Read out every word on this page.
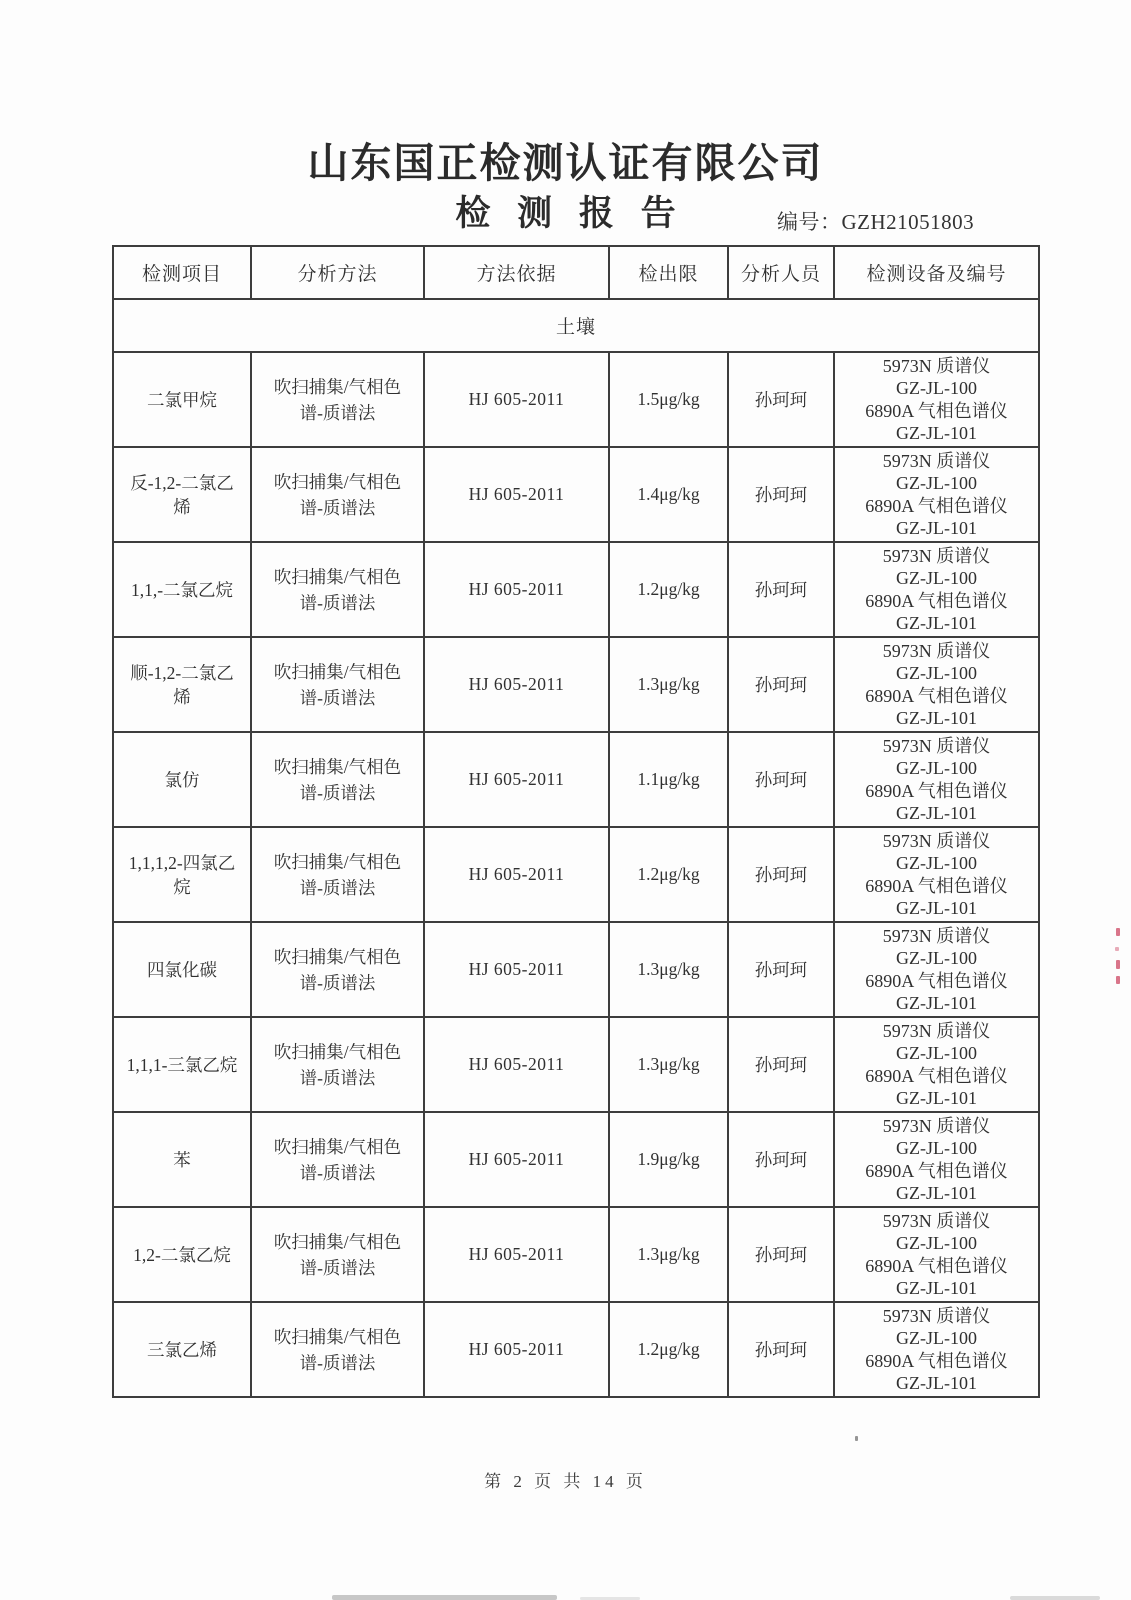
山东国正检测认证有限公司
检 测 报 告	编号：GZH21051803
检测项目	分析方法	方法依据	检出限	分析人员	检测设备及编号
土壤					
二氯甲烷	吹扫捕集/气相色谱-质谱法	HJ 605-2011	1.5μg/kg	孙珂珂	5973N 质谱仪
GZ-JL-100
6890A 气相色谱仪
GZ-JL-101

反-1,2-二氯乙烯	吹扫捕集/气相色谱-质谱法	HJ 605-2011	1.4μg/kg	孙珂珂	5973N 质谱仪
GZ-JL-100
6890A 气相色谱仪
GZ-JL-101

1,1,-二氯乙烷	吹扫捕集/气相色谱-质谱法	HJ 605-2011	1.2μg/kg	孙珂珂	5973N 质谱仪
GZ-JL-100
6890A 气相色谱仪
GZ-JL-101

顺-1,2-二氯乙烯	吹扫捕集/气相色谱-质谱法	HJ 605-2011	1.3μg/kg	孙珂珂	5973N 质谱仪
GZ-JL-100
6890A 气相色谱仪
GZ-JL-101

氯仿	吹扫捕集/气相色谱-质谱法	HJ 605-2011	1.1μg/kg	孙珂珂	5973N 质谱仪
GZ-JL-100
6890A 气相色谱仪
GZ-JL-101

1,1,1,2-四氯乙烷	吹扫捕集/气相色谱-质谱法	HJ 605-2011	1.2μg/kg	孙珂珂	5973N 质谱仪
GZ-JL-100
6890A 气相色谱仪
GZ-JL-101

四氯化碳	吹扫捕集/气相色谱-质谱法	HJ 605-2011	1.3μg/kg	孙珂珂	5973N 质谱仪
GZ-JL-100
6890A 气相色谱仪
GZ-JL-101

1,1,1-三氯乙烷	吹扫捕集/气相色谱-质谱法	HJ 605-2011	1.3μg/kg	孙珂珂	5973N 质谱仪
GZ-JL-100
6890A 气相色谱仪
GZ-JL-101

苯	吹扫捕集/气相色谱-质谱法	HJ 605-2011	1.9μg/kg	孙珂珂	5973N 质谱仪
GZ-JL-100
6890A 气相色谱仪
GZ-JL-101

1,2-二氯乙烷	吹扫捕集/气相色谱-质谱法	HJ 605-2011	1.3μg/kg	孙珂珂	5973N 质谱仪
GZ-JL-100
6890A 气相色谱仪
GZ-JL-101

三氯乙烯	吹扫捕集/气相色谱-质谱法	HJ 605-2011	1.2μg/kg	孙珂珂	5973N 质谱仪
GZ-JL-100
6890A 气相色谱仪
GZ-JL-101
第 2 页 共 14 页
